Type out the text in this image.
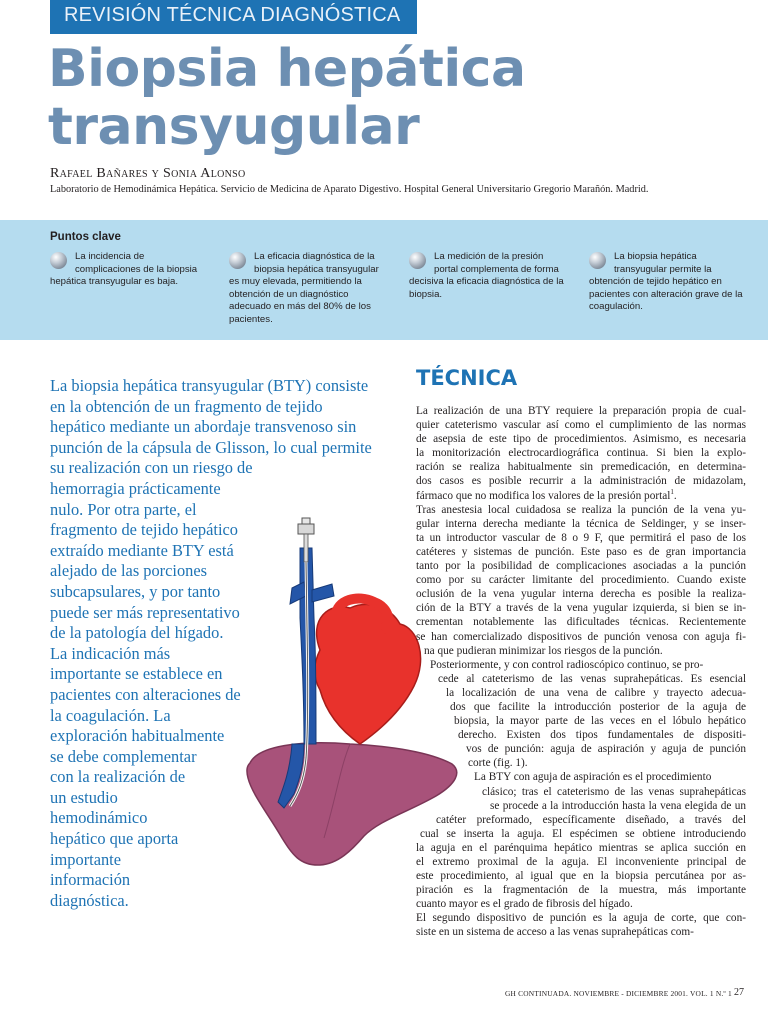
REVISIÓN TÉCNICA DIAGNÓSTICA
Biopsia hepática transyugular
Rafael Bañares y Sonia Alonso
Laboratorio de Hemodinámica Hepática. Servicio de Medicina de Aparato Digestivo. Hospital General Universitario Gregorio Marañón. Madrid.
Puntos clave
La incidencia de complicaciones de la biopsia hepática transyugular es baja.
La eficacia diagnóstica de la biopsia hepática transyugular es muy elevada, permitiendo la obtención de un diagnóstico adecuado en más del 80% de los pacientes.
La medición de la presión portal complementa de forma decisiva la eficacia diagnóstica de la biopsia.
La biopsia hepática transyugular permite la obtención de tejido hepático en pacientes con alteración grave de la coagulación.
La biopsia hepática transyugular (BTY) consiste
en la obtención de un fragmento de tejido
hepático mediante un abordaje transvenoso sin
punción de la cápsula de Glisson, lo cual permite
su realización con un riesgo de
hemorragia prácticamente
nulo. Por otra parte, el
fragmento de tejido hepático
extraído mediante BTY está
alejado de las porciones
subcapsulares, y por tanto
puede ser más representativo
de la patología del hígado.
La indicación más
importante se establece en
pacientes con alteraciones de
la coagulación. La
exploración habitualmente
se debe complementar
con la realización de
un estudio
hemodinámico
hepático que aporta
importante
información
diagnóstica.
TÉCNICA
La realización de una BTY requiere la preparación propia de cual-
quier cateterismo vascular así como el cumplimiento de las normas
de asepsia de este tipo de procedimientos. Asimismo, es necesaria
la monitorización electrocardiográfica continua. Si bien la explo-
ración se realiza habitualmente sin premedicación, en determina-
dos casos es posible recurrir a la administración de midazolam,
fármaco que no modifica los valores de la presión portal$^1$.
Tras anestesia local cuidadosa se realiza la punción de la vena yu-
gular interna derecha mediante la técnica de Seldinger, y se inser-
ta un introductor vascular de 8 o 9 F, que permitirá el paso de los
catéteres y sistemas de punción. Este paso es de gran importancia
tanto por la posibilidad de complicaciones asociadas a la punción
como por su carácter limitante del procedimiento. Cuando existe
oclusión de la vena yugular interna derecha es posible la realiza-
ción de la BTY a través de la vena yugular izquierda, si bien se in-
crementan notablemente las dificultades técnicas. Recientemente
se han comercializado dispositivos de punción venosa con aguja fi-
na que pudieran minimizar los riesgos de la punción.
Posteriormente, y con control radioscópico continuo, se pro-
cede al cateterismo de las venas suprahepáticas. Es esencial
la localización de una vena de calibre y trayecto adecua-
dos que facilite la introducción posterior de la aguja de
biopsia, la mayor parte de las veces en el lóbulo hepático
derecho. Existen dos tipos fundamentales de dispositi-
vos de punción: aguja de aspiración y aguja de punción
corte (fig. 1).
La BTY con aguja de aspiración es el procedimiento
clásico; tras el cateterismo de las venas suprahepáticas
se procede a la introducción hasta la vena elegida de un
catéter preformado, específicamente diseñado, a través del
cual se inserta la aguja. El espécimen se obtiene introduciendo
la aguja en el parénquima hepático mientras se aplica succión en
el extremo proximal de la aguja. El inconveniente principal de
este procedimiento, al igual que en la biopsia percutánea por as-
piración es la fragmentación de la muestra, más importante
cuanto mayor es el grado de fibrosis del hígado.
El segundo dispositivo de punción es la aguja de corte, que con-
siste en un sistema de acceso a las venas suprahepáticas com-
GH CONTINUADA. NOVIEMBRE - DICIEMBRE 2001. VOL. 1 N.º 1 27
